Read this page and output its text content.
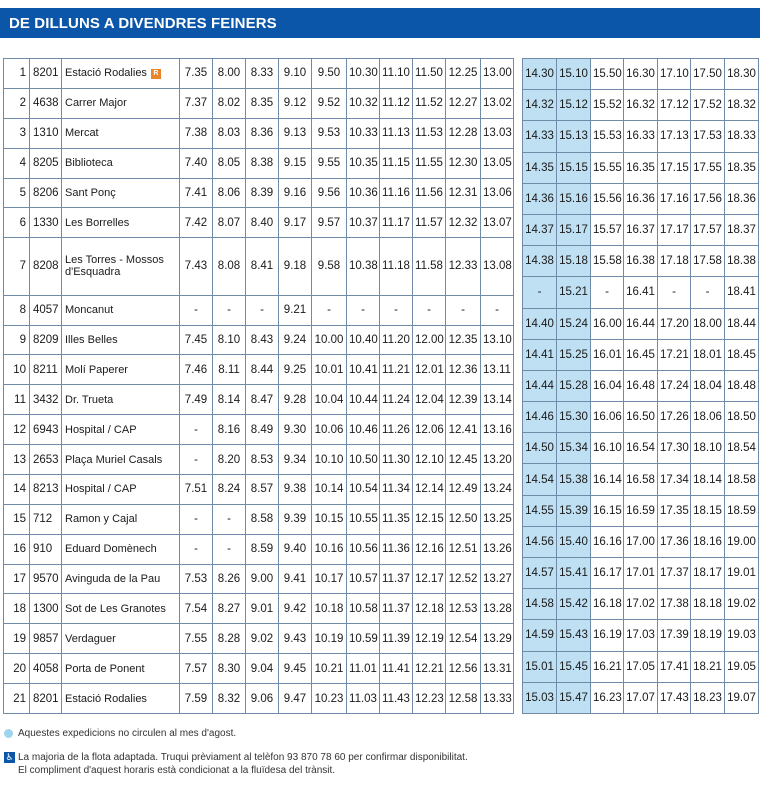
DE DILLUNS A DIVENDRES FEINERS
1	8201	Estació Rodalies R	7.35	8.00	8.33	9.10	9.50	10.30	11.10	11.50	12.25	13.00
2	4638	Carrer Major	7.37	8.02	8.35	9.12	9.52	10.32	11.12	11.52	12.27	13.02
3	1310	Mercat	7.38	8.03	8.36	9.13	9.53	10.33	11.13	11.53	12.28	13.03
4	8205	Biblioteca	7.40	8.05	8.38	9.15	9.55	10.35	11.15	11.55	12.30	13.05
5	8206	Sant Ponç	7.41	8.06	8.39	9.16	9.56	10.36	11.16	11.56	12.31	13.06
6	1330	Les Borrelles	7.42	8.07	8.40	9.17	9.57	10.37	11.17	11.57	12.32	13.07
7	8208	Les Torres - Mossos d'Esquadra	7.43	8.08	8.41	9.18	9.58	10.38	11.18	11.58	12.33	13.08
8	4057	Moncanut	-	-	-	9.21	-	-	-	-	-	-
9	8209	Illes Belles	7.45	8.10	8.43	9.24	10.00	10.40	11.20	12.00	12.35	13.10
10	8211	Molí Paperer	7.46	8.11	8.44	9.25	10.01	10.41	11.21	12.01	12.36	13.11
11	3432	Dr. Trueta	7.49	8.14	8.47	9.28	10.04	10.44	11.24	12.04	12.39	13.14
12	6943	Hospital / CAP	-	8.16	8.49	9.30	10.06	10.46	11.26	12.06	12.41	13.16
13	2653	Plaça Muriel Casals	-	8.20	8.53	9.34	10.10	10.50	11.30	12.10	12.45	13.20
14	8213	Hospital / CAP	7.51	8.24	8.57	9.38	10.14	10.54	11.34	12.14	12.49	13.24
15	712	Ramon y Cajal	-	-	8.58	9.39	10.15	10.55	11.35	12.15	12.50	13.25
16	910	Eduard Domènech	-	-	8.59	9.40	10.16	10.56	11.36	12.16	12.51	13.26
17	9570	Avinguda de la Pau	7.53	8.26	9.00	9.41	10.17	10.57	11.37	12.17	12.52	13.27
18	1300	Sot de Les Granotes	7.54	8.27	9.01	9.42	10.18	10.58	11.37	12.18	12.53	13.28
19	9857	Verdaguer	7.55	8.28	9.02	9.43	10.19	10.59	11.39	12.19	12.54	13.29
20	4058	Porta de Ponent	7.57	8.30	9.04	9.45	10.21	11.01	11.41	12.21	12.56	13.31
21	8201	Estació Rodalies	7.59	8.32	9.06	9.47	10.23	11.03	11.43	12.23	12.58	13.33
14.30	15.10	15.50	16.30	17.10	17.50	18.30
14.32	15.12	15.52	16.32	17.12	17.52	18.32
14.33	15.13	15.53	16.33	17.13	17.53	18.33
14.35	15.15	15.55	16.35	17.15	17.55	18.35
14.36	15.16	15.56	16.36	17.16	17.56	18.36
14.37	15.17	15.57	16.37	17.17	17.57	18.37
14.38	15.18	15.58	16.38	17.18	17.58	18.38
-	15.21	-	16.41	-	-	18.41
14.40	15.24	16.00	16.44	17.20	18.00	18.44
14.41	15.25	16.01	16.45	17.21	18.01	18.45
14.44	15.28	16.04	16.48	17.24	18.04	18.48
14.46	15.30	16.06	16.50	17.26	18.06	18.50
14.50	15.34	16.10	16.54	17.30	18.10	18.54
14.54	15.38	16.14	16.58	17.34	18.14	18.58
14.55	15.39	16.15	16.59	17.35	18.15	18.59
14.56	15.40	16.16	17.00	17.36	18.16	19.00
14.57	15.41	16.17	17.01	17.37	18.17	19.01
14.58	15.42	16.18	17.02	17.38	18.18	19.02
14.59	15.43	16.19	17.03	17.39	18.19	19.03
15.01	15.45	16.21	17.05	17.41	18.21	19.05
15.03	15.47	16.23	17.07	17.43	18.23	19.07
Aquestes expedicions no circulen al mes d'agost.
♿ La majoria de la flota adaptada. Truqui prèviament al telèfon 93 870 78 60 per confirmar disponibilitat.
El compliment d'aquest horaris està condicionat a la fluïdesa del trànsit.
